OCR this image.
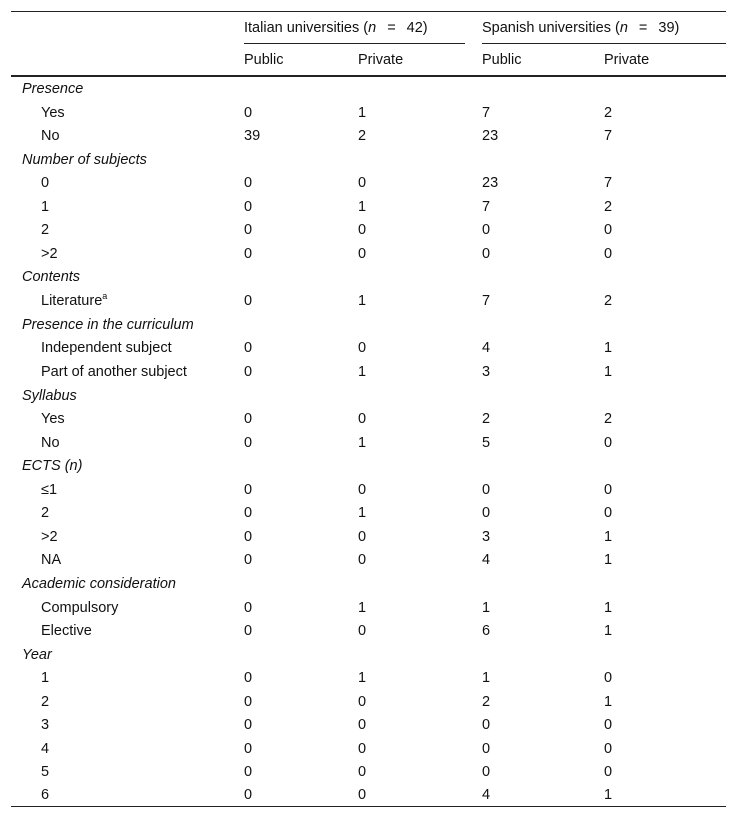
	Italian universities (n = 42)		Spanish universities (n = 39)	

	Public	Private	Public	Private
Presence				
Yes	0	1	7	2
No	39	2	23	7
Number of subjects				
0	0	0	23	7
1	0	1	7	2
2	0	0	0	0
>2	0	0	0	0
Contents				
Literature$^a$	0	1	7	2
Presence in the curriculum				
Independent subject	0	0	4	1
Part of another subject	0	1	3	1
Syllabus				
Yes	0	0	2	2
No	0	1	5	0
ECTS (n)				
≤1	0	0	0	0
2	0	1	0	0
>2	0	0	3	1
NA	0	0	4	1
Academic consideration				
Compulsory	0	1	1	1
Elective	0	0	6	1
Year				
1	0	1	1	0
2	0	0	2	1
3	0	0	0	0
4	0	0	0	0
5	0	0	0	0
6	0	0	4	1
